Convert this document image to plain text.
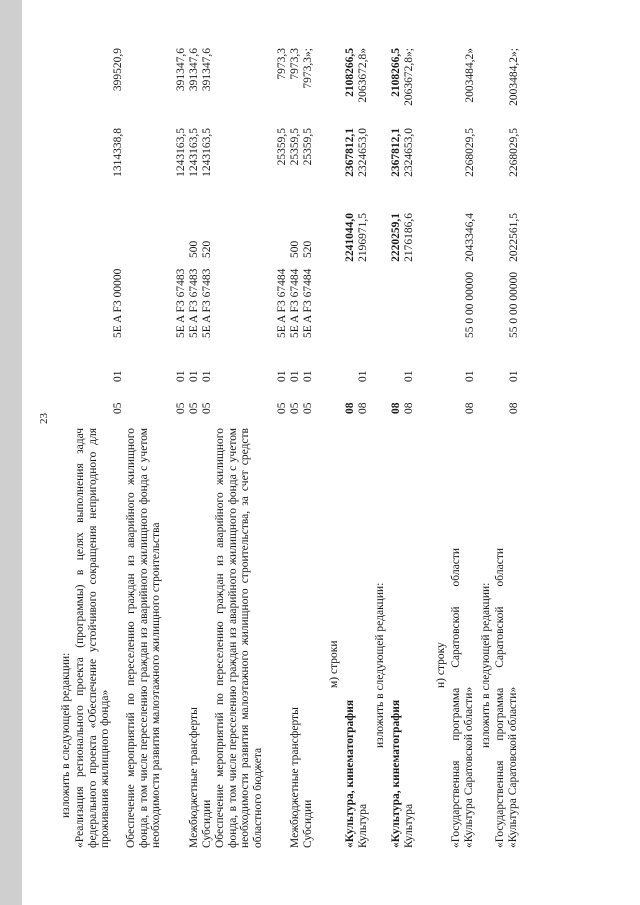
23
изложить в следующей редакции: «Реализация регионального проекта (программы) в целях выполнения задач федерального проекта «Обеспечение устойчивого сокращения непригодного для проживания жилищного фонда»
05
01
5E A F3 00000
1314338,8
399520,9
Обеспечение мероприятий по переселению граждан из аварийного жилищного фонда, в том числе переселению граждан из аварийного жилищного фонда с учетом необходимости развития малоэтажного жилищного строительства
05
01
5E A F3 67483
1243163,5
391347,6
Межбюджетные трансферты
05
01
5E A F3 67483
500
1243163,5
391347,6
Субсидии
05
01
5E A F3 67483
520
1243163,5
391347,6
Обеспечение мероприятий по переселению граждан из аварийного жилищного фонда, в том числе переселению граждан из аварийного жилищного фонда с учетом необходимости развития малоэтажного жилищного строительства, за счет средств областного бюджета
05
01
5E A F3 67484
25359,5
7973,3
Межбюджетные трансферты
05
01
5E A F3 67484
500
25359,5
7973,3
Субсидии
05
01
5E A F3 67484
520
25359,5
7973,3»;
м) строки
«Культура, кинематография
08
2241044,0
2367812,1
2108266,5
Культура
08
01
2196971,5
2324653,0
2063672,8»
изложить в следующей редакции:
«Культура, кинематография
08
2220259,1
2367812,1
2108266,5
Культура
08
01
2176186,6
2324653,0
2063672,8»;
н) строку «Государственная программа Саратовской области «Культура Саратовской области»
08
01
55 0 00 00000
2043346,4
2268029,5
2003484,2»
изложить в следующей редакции: «Государственная программа Саратовской области «Культура Саратовской области»
08
01
55 0 00 00000
2022561,5
2268029,5
2003484,2»;
